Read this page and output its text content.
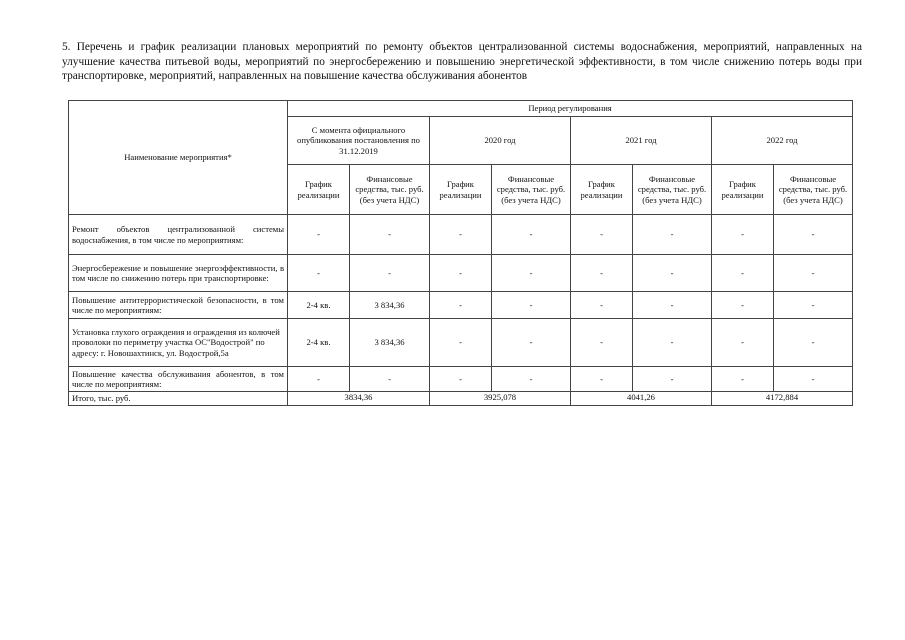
5. Перечень и график реализации плановых мероприятий по ремонту объектов централизованной системы водоснабжения, мероприятий, направленных на улучшение качества питьевой воды, мероприятий по энергосбережению и повышению энергетической эффективности, в том числе снижению потерь воды при транспортировке, мероприятий, направленных на повышение качества обслуживания абонентов
Наименование мероприятия*	Период регулирования							
	С момента официального опубликования постановления по 31.12.2019		2020 год		2021 год		2022 год	
	График реализации	Финансовые средства, тыс. руб. (без учета НДС)	График реализации	Финансовые средства, тыс. руб. (без учета НДС)	График реализации	Финансовые средства, тыс. руб. (без учета НДС)	График реализации	Финансовые средства, тыс. руб. (без учета НДС)
Ремонт объектов централизованной системы водоснабжения, в том числе по мероприятиям:	-	-	-	-	-	-	-	-
Энергосбережение и повышение энергоэффективности, в том числе по снижению потерь при транспортировке:	-	-	-	-	-	-	-	-
Повышение антитеррористической безопасности, в том числе по мероприятиям:	2-4 кв.	3 834,36	-	-	-	-	-	-
Установка глухого ограждения и ограждения из колючей проволоки по периметру участка ОС"Водострой" по адресу: г. Новошахтинск, ул. Водострой,5а	2-4 кв.	3 834,36	-	-	-	-	-	-
Повышение качества обслуживания абонентов, в том числе по мероприятиям:	-	-	-	-	-	-	-	-
Итого, тыс. руб.	3834,36		3925,078		4041,26		4172,884	
